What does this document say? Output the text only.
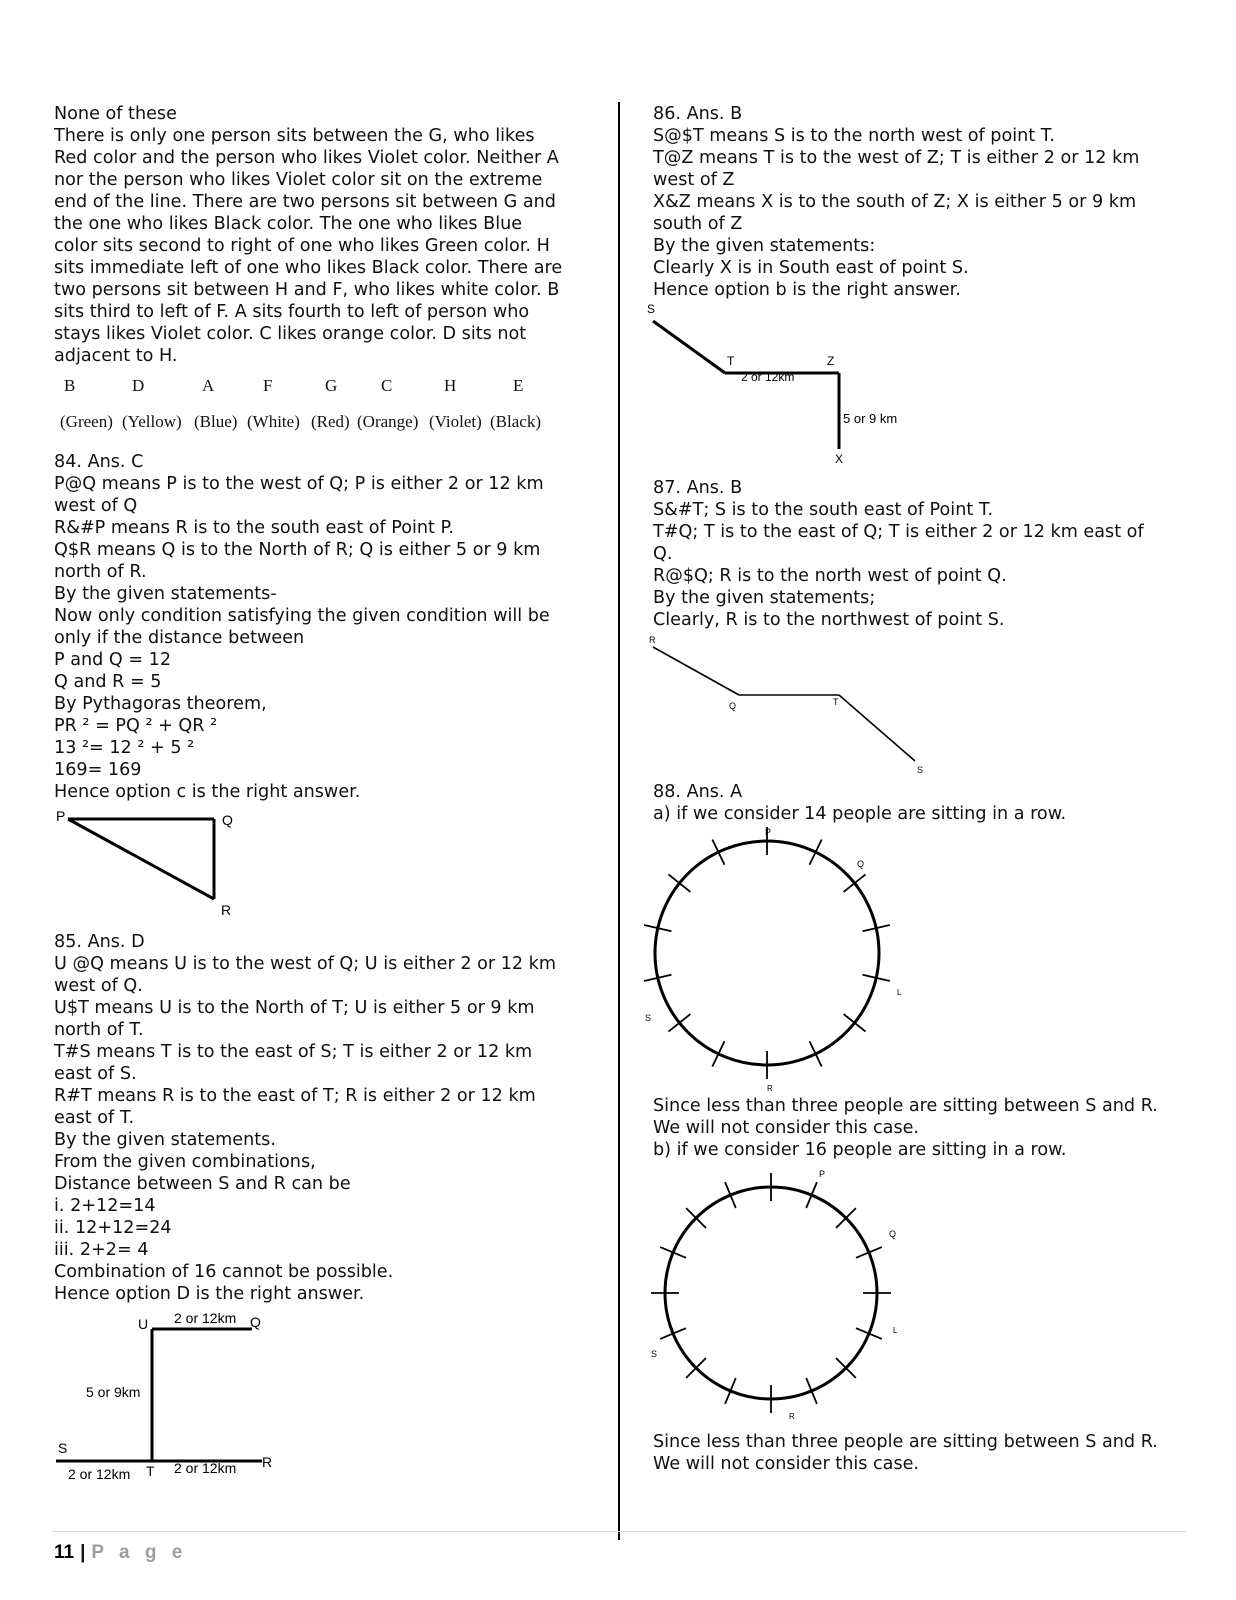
None of these

There is only one person sits between the G, who likes

Red color and the person who likes Violet color. Neither A

nor the person who likes Violet color sit on the extreme

end of the line. There are two persons sit between G and

the one who likes Black color. The one who likes Blue

color sits second to right of one who likes Green color. H

sits immediate left of one who likes Black color. There are

two persons sit between H and F, who likes white color. B

sits third to left of F. A sits fourth to left of person who

stays likes Violet color. C likes orange color. D sits not

adjacent to H.

B	D	A	F	G	C	H	E
(Green) (Yellow) (Blue) (White) (Red) (Orange) (Violet) (Black)

84. Ans. C

P@Q means P is to the west of Q; P is either 2 or 12 km

west of Q

R&#P means R is to the south east of Point P.

Q$R means Q is to the North of R; Q is either 5 or 9 km

north of R.

By the given statements-

Now only condition satisfying the given condition will be

only if the distance between

P and Q = 12

Q and R = 5

By Pythagoras theorem,

PR ² = PQ ² + QR ²

13 ²= 12 ² + 5 ²

169= 169

Hence option c is the right answer.

P	Q
R

85. Ans. D

U @Q means U is to the west of Q; U is either 2 or 12 km

west of Q.

U$T means U is to the North of T; U is either 5 or 9 km

north of T.

T#S means T is to the east of S; T is either 2 or 12 km

east of S.

R#T means R is to the east of T; R is either 2 or 12 km

east of T.

By the given statements.

From the given combinations,

Distance between S and R can be

i. 2+12=14

ii. 12+12=24

iii. 2+2= 4

Combination of 16 cannot be possible.

Hence option D is the right answer.

U 2 or 12km Q
5 or 9km
S
R
2 or 12km T 2 or 12km

86. Ans. B

S@$T means S is to the north west of point T.

T@Z means T is to the west of Z; T is either 2 or 12 km

west of Z

X&Z means X is to the south of Z; X is either 5 or 9 km

south of Z

By the given statements:

Clearly X is in South east of point S.

Hence option b is the right answer.

S
T	Z
2 or 12km
5 or 9 km
X

87. Ans. B

S&#T; S is to the south east of Point T.

T#Q; T is to the east of Q; T is either 2 or 12 km east of

Q.

R@$Q; R is to the north west of point Q.

By the given statements;

Clearly, R is to the northwest of point S.

R
Q	T
S

88. Ans. A

a) if we consider 14 people are sitting in a row.

P
Q
L
S
R

Since less than three people are sitting between S and R.

We will not consider this case.

b) if we consider 16 people are sitting in a row.

P
Q
L
S
R

Since less than three people are sitting between S and R.

We will not consider this case.

11 | P a g e
